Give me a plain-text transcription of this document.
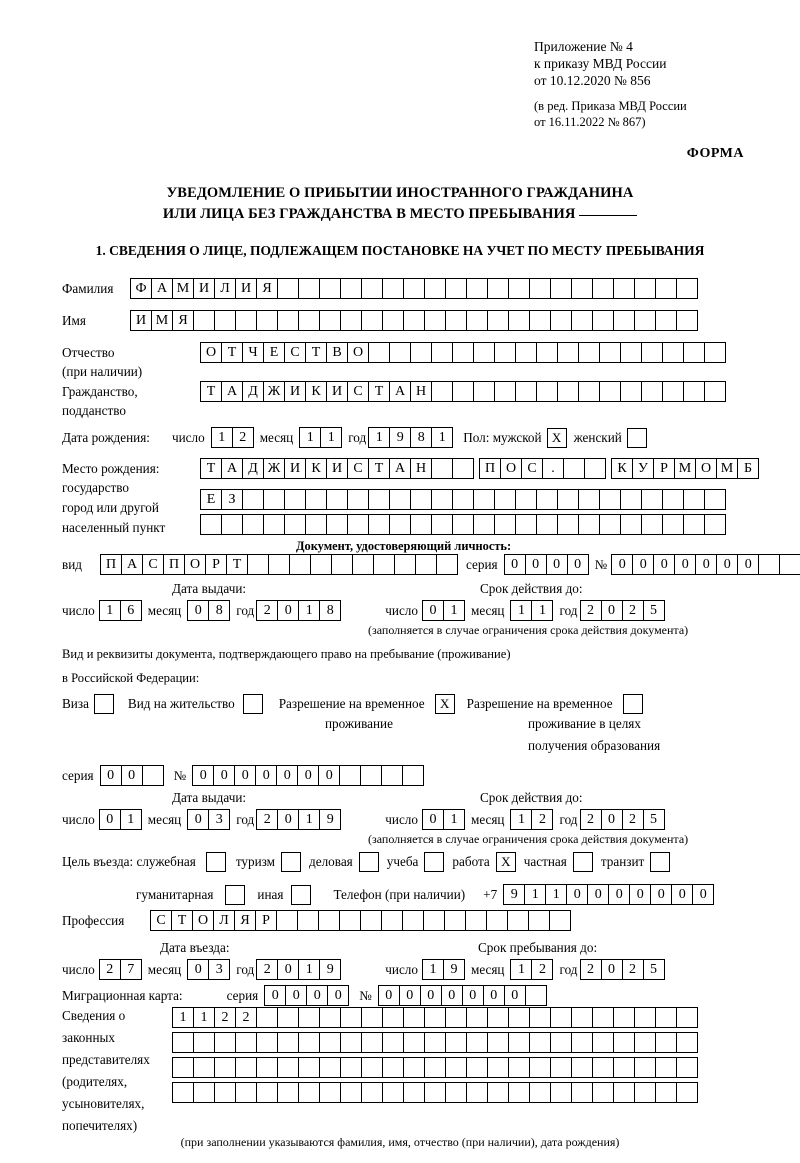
Приложение № 4
к приказу МВД России
от 10.12.2020 № 856
(в ред. Приказа МВД России
от 16.11.2022 № 867)
ФОРМА
УВЕДОМЛЕНИЕ О ПРИБЫТИИ ИНОСТРАННОГО ГРАЖДАНИНА
ИЛИ ЛИЦА БЕЗ ГРАЖДАНСТВА В МЕСТО ПРЕБЫВАНИЯ
1. СВЕДЕНИЯ О ЛИЦЕ, ПОДЛЕЖАЩЕМ ПОСТАНОВКЕ НА УЧЕТ ПО МЕСТУ ПРЕБЫВАНИЯ
Фамилия	Ф А М И Л И Я
Имя	И М Я
Отчество	О Т Ч Е С Т В О
(при наличии)
Гражданство,	Т А Д Ж И К И С Т А Н
подданство
Дата рождения: число 1	2	месяц 1	1	год 1	9	8	1	Пол: мужской Х женский
Место рождения:	Т А Д Ж И К И С Т А Н	П О С	.	К У Р М О М Б
государство
Е З
город или другой
населенный пункт
Документ, удостоверяющий личность:
вид	П А С П О Р Т	серия 0	0	0	0	№ 0	0	0	0	0	0	0
Дата выдачи:	Срок действия до:
число 1	6	месяц 0	8	год 2	0	1	8	число 0	1	месяц 1	1	год 2	0	2	5
(заполняется в случае ограничения срока действия документа)
Вид и реквизиты документа, подтверждающего право на пребывание (проживание)
в Российской Федерации:
Виза	Вид на жительство	Разрешение на временное	Х	Разрешение на временное
проживание	проживание в целях
получения образования
серия 0	0	№ 0	0	0	0	0	0	0
Дата выдачи:	Срок действия до:
число 0	1	месяц 0	3	год 2	0	1	9	число 0	1	месяц 1	2	год 2	0	2	5
(заполняется в случае ограничения срока действия документа)
Цель въезда: служебная	туризм	деловая	учеба	работа Х	частная	транзит
гуманитарная	иная	Телефон (при наличии) +7 9	1	1	0	0	0	0	0	0	0
Профессия	С Т О Л Я Р
Дата въезда:	Срок пребывания до:
число 2	7	месяц 0	3	год 2	0	1	9	число 1	9	месяц 1	2	год 2	0	2	5
Миграционная карта:	серия 0	0	0	0	№ 0	0	0	0	0	0	0
Сведения о
законных
представителях
(родителях,
усыновителях,
попечителях)
1	1	2	2
(при заполнении указываются фамилия, имя, отчество (при наличии), дата рождения)
